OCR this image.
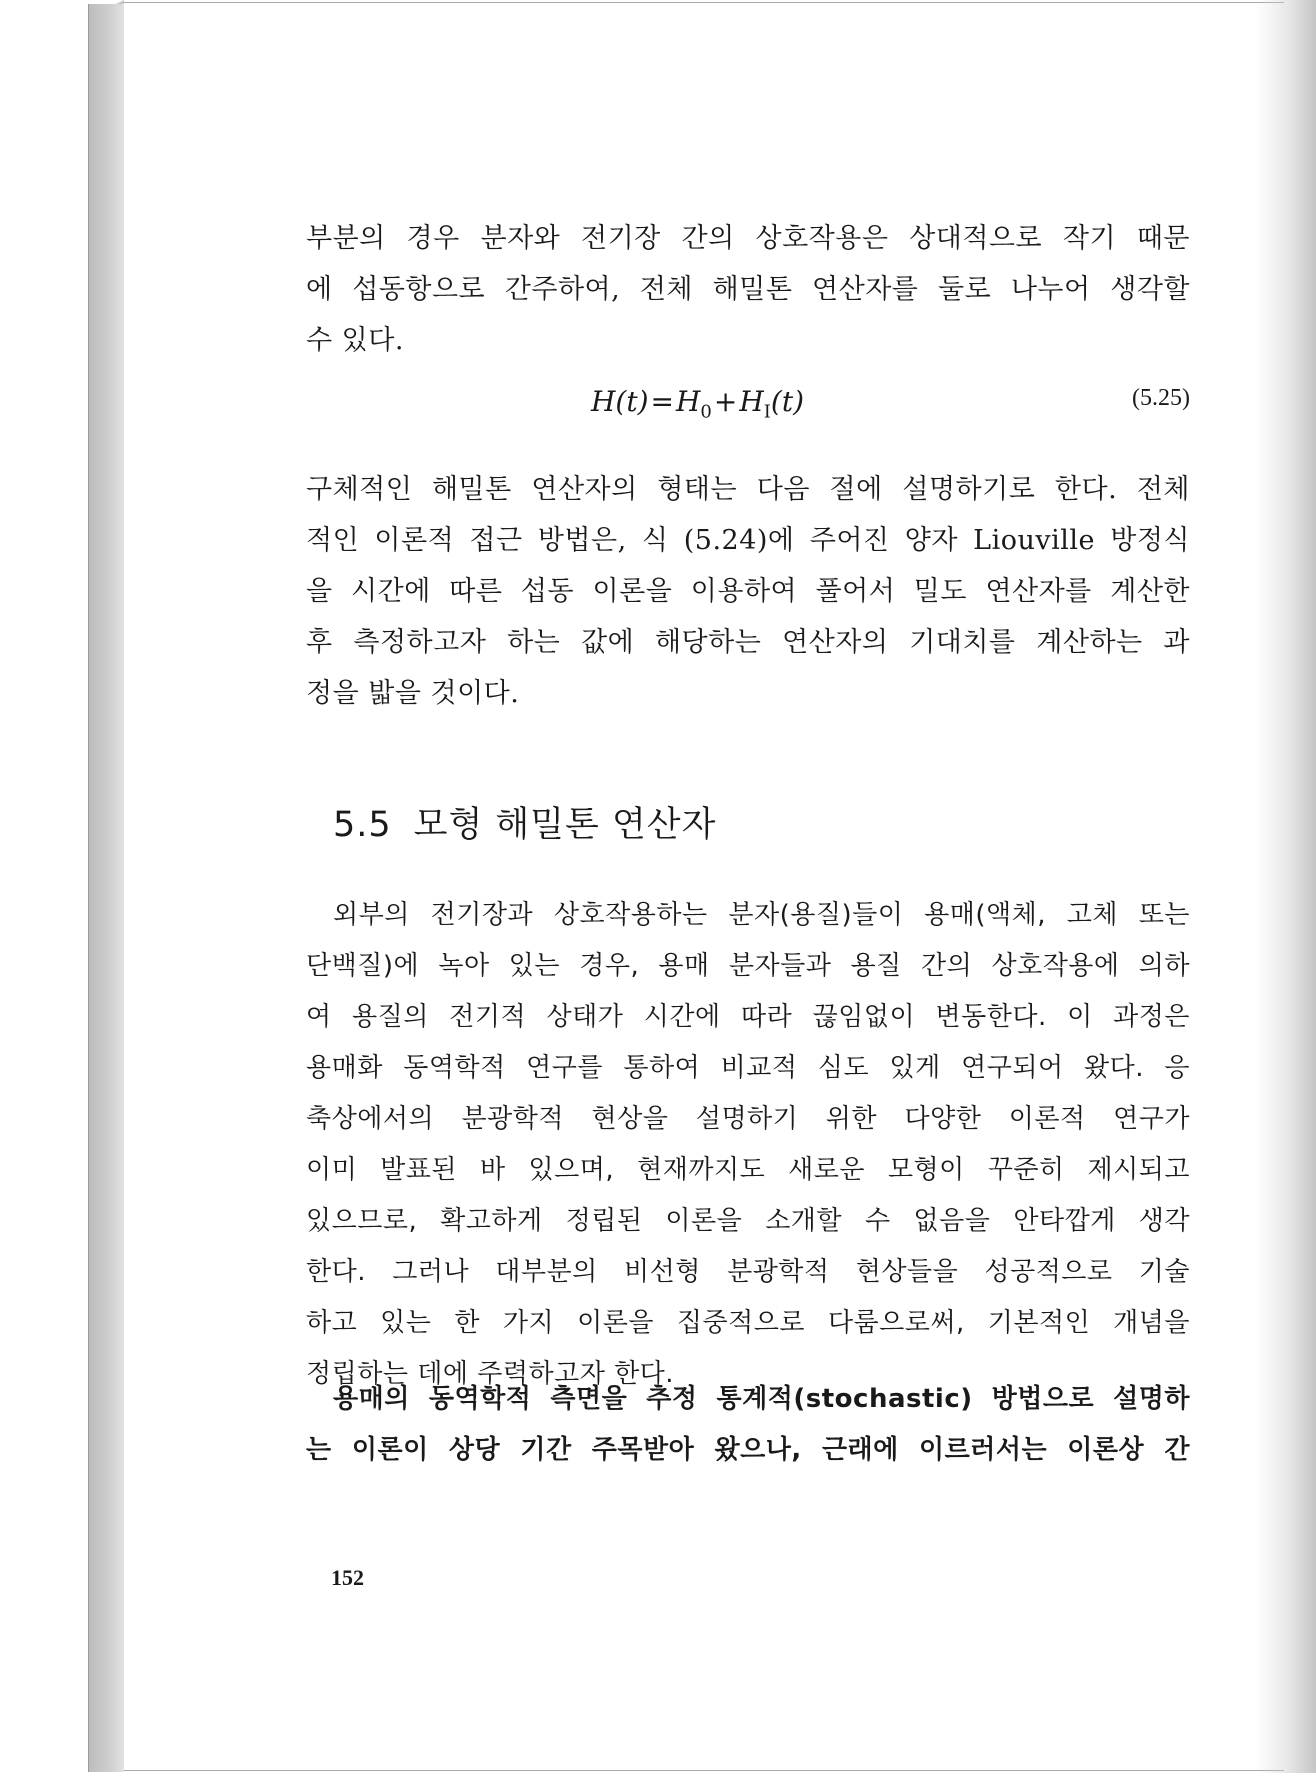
부분의 경우 분자와 전기장 간의 상호작용은 상대적으로 작기 때문
에 섭동항으로 간주하여, 전체 해밀톤 연산자를 둘로 나누어 생각할
수 있다.
$H(t)=H_0+H_I(t)$	(5.25)
구체적인 해밀톤 연산자의 형태는 다음 절에 설명하기로 한다. 전체
적인 이론적 접근 방법은, 식 (5.24)에 주어진 양자 Liouville 방정식
을 시간에 따른 섭동 이론을 이용하여 풀어서 밀도 연산자를 계산한
후 측정하고자 하는 값에 해당하는 연산자의 기대치를 계산하는 과
정을 밟을 것이다.
5.5 모형 해밀톤 연산자
외부의 전기장과 상호작용하는 분자(용질)들이 용매(액체, 고체 또는
단백질)에 녹아 있는 경우, 용매 분자들과 용질 간의 상호작용에 의하
여 용질의 전기적 상태가 시간에 따라 끊임없이 변동한다. 이 과정은
용매화 동역학적 연구를 통하여 비교적 심도 있게 연구되어 왔다. 응
축상에서의 분광학적 현상을 설명하기 위한 다양한 이론적 연구가
이미 발표된 바 있으며, 현재까지도 새로운 모형이 꾸준히 제시되고
있으므로, 확고하게 정립된 이론을 소개할 수 없음을 안타깝게 생각
한다. 그러나 대부분의 비선형 분광학적 현상들을 성공적으로 기술
하고 있는 한 가지 이론을 집중적으로 다룸으로써, 기본적인 개념을
정립하는 데에 주력하고자 한다.
용매의 동역학적 측면을 추정 통계적(stochastic) 방법으로 설명하
는 이론이 상당 기간 주목받아 왔으나, 근래에 이르러서는 이론상 간
152
